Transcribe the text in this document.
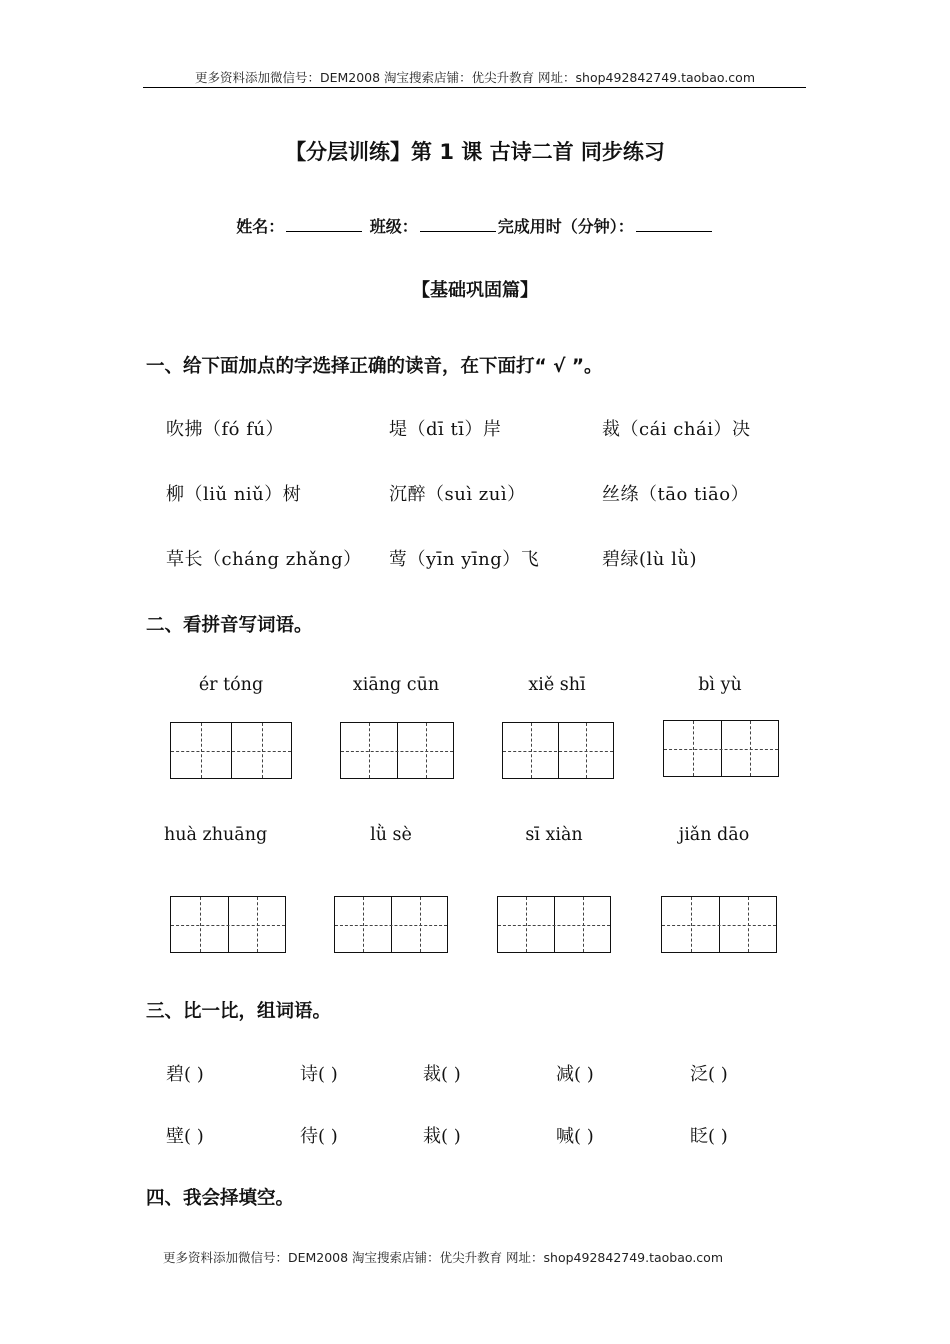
更多资料添加微信号：DEM2008 淘宝搜索店铺：优尖升教育 网址：shop492842749.taobao.com
【分层训练】第 1 课 古诗二首 同步练习
姓名：	班级：	完成用时（分钟）：
【基础巩固篇】
一、给下面加点的字选择正确的读音，在下面打“ √ ”。
吹拂（fó fú）	堤（dī tī）岸	裁（cái chái）决
柳（liǔ niǔ）树	沉醉（suì zuì）	丝绦（tāo tiāo）
草长（cháng zhǎng） 莺（yīn yīng）飞	碧绿(lù lǜ)
二、看拼音写词语。
ér tóng	xiāng cūn	xiě shī	bì yù
huà zhuāng	lǜ sè	sī xiàn	jiǎn dāo
三、比一比，组词语。
碧( )	诗( )	裁( )	减( )	泛( )
壁( )	待( )	栽( )	喊( )	眨( )
四、我会择填空。
更多资料添加微信号：DEM2008 淘宝搜索店铺：优尖升教育 网址：shop492842749.taobao.com
